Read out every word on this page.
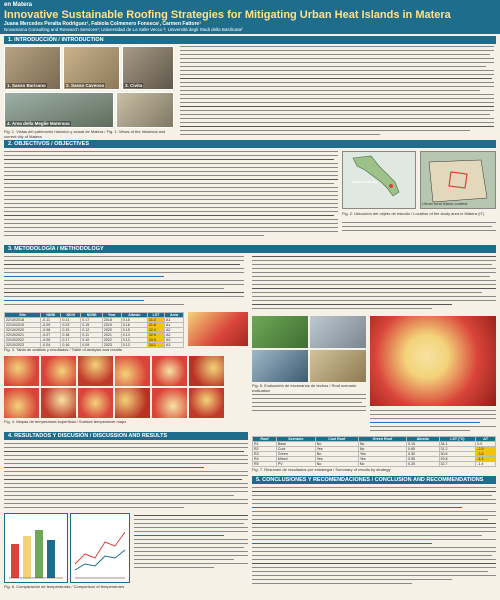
en Matera
Innovative Sustainable Roofing Strategies for Mitigating Urban Heat Islands in Matera
Juana Mercedes Peralta Rodriguez¹, Fabiola Colmenero Fonseca¹, Carmen Fattore²
Novamarca Consulting and Research Services¹; Universidad de La Salle Vecco ²; Università degli Studi della Basilicata²
1. INTRODUCCIÓN / INTRODUCTION
1. Sasso Barisano	2. Sasso Caveoso	3. Civita
4. Area della Meglie Materana
Fig. 1. Vistas del patrimonio histórico y actual de Matera / Fig. 1. Views of the historical and current city of Matera
2. OBJECTIVOS / OBJECTIVES
Area of study
Urban heat island context
Fig. 2. Ubicación del objeto de estudio / Location of the study area in Matera (IT)
3. METODOLOGÍA / METHODOLOGY
Site	NDBI	NDVI	NDWI	Year	Albedo	LST	Area
22/10/2018	-0.11	0.21	0.17	2018	0.15	31.2	A1
22/10/2019	-0.09	0.23	0.15	2019	0.16	31.8	A1
22/10/2020	-0.08	0.19	0.12	2020	0.15	32.4	A2
22/10/2021	-0.07	0.18	0.11	2021	0.14	32.9	A2
22/10/2022	-0.05	0.17	0.10	2022	0.13	33.5	A3
22/10/2023	-0.04	0.16	0.09	2023	0.13	34.1	A3
Fig. 3. Tabla de análisis y resultados / Table of analysis and results
Fig. 4. Mapas de temperatura superficial / Surface temperature maps
Fig. 5. Evaluación de escenarios de techos / Roof scenario evaluation
4. RESULTADOS Y DISCUSIÓN / DISCUSSION AND RESULTS
Fig. 6. Comparación de temperaturas / Comparison of temperatures
Roof	Scenario	Cool Roof	Green Roof	Albedo	LST (°C)	ΔT
R1	Base	No	No	0.15	34.1	0.0
R2	Cool	Yes	No	0.65	31.2	-2.9
R3	Green	No	Yes	0.30	30.6	-3.5
R4	Mixed	Yes	Yes	0.55	29.8	-4.3
R5	PV	No	No	0.25	32.7	-1.4
Fig. 7. Resumen de resultados por estrategia / Summary of results by strategy
5. CONCLUSIONES Y RECOMENDACIONES / CONCLUSION AND RECOMMENDATIONS
